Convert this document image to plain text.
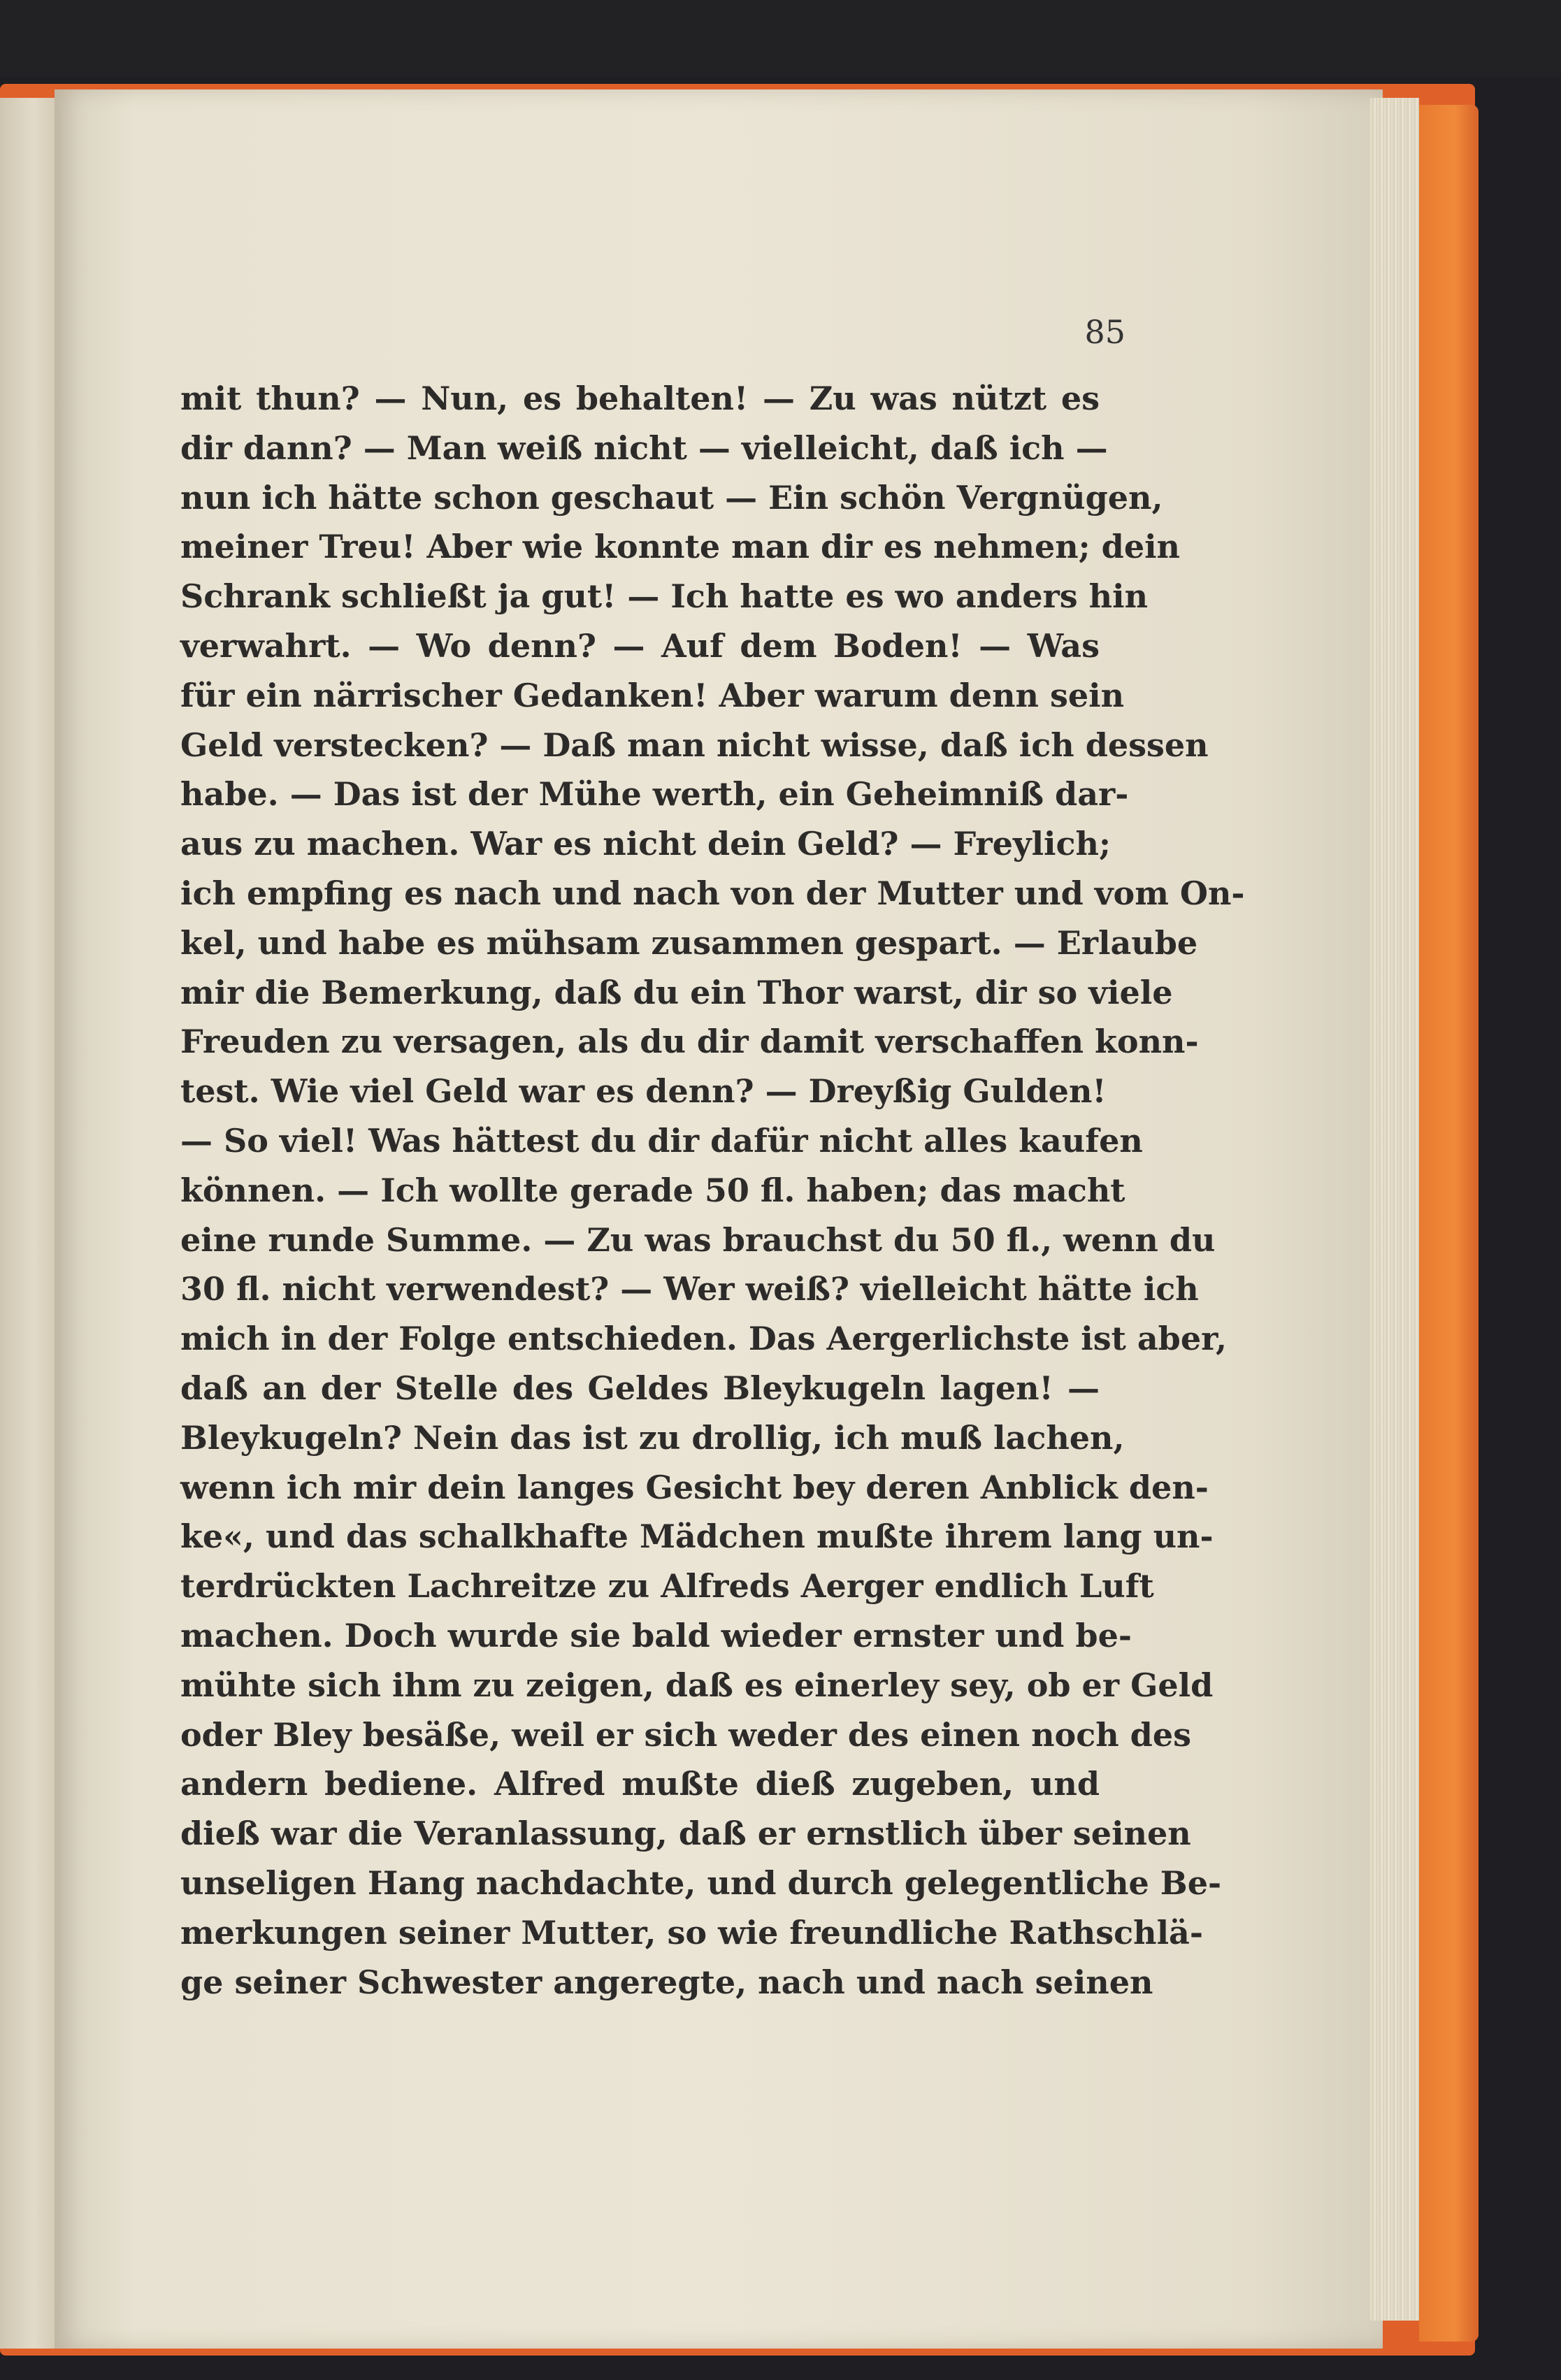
85
mit thun? — Nun, es behalten! — Zu was nützt es
dir dann? — Man weiß nicht — vielleicht, daß ich —
nun ich hätte schon geschaut — Ein schön Vergnügen,
meiner Treu! Aber wie konnte man dir es nehmen; dein
Schrank schließt ja gut! — Ich hatte es wo anders hin
verwahrt. — Wo denn? — Auf dem Boden! — Was
für ein närrischer Gedanken! Aber warum denn sein
Geld verstecken? — Daß man nicht wisse, daß ich dessen
habe. — Das ist der Mühe werth, ein Geheimniß dar-
aus zu machen. War es nicht dein Geld? — Freylich;
ich empfing es nach und nach von der Mutter und vom On-
kel, und habe es mühsam zusammen gespart. — Erlaube
mir die Bemerkung, daß du ein Thor warst, dir so viele
Freuden zu versagen, als du dir damit verschaffen konn-
test. Wie viel Geld war es denn? — Dreyßig Gulden!
— So viel! Was hättest du dir dafür nicht alles kaufen
können. — Ich wollte gerade 50 fl. haben; das macht
eine runde Summe. — Zu was brauchst du 50 fl., wenn du
30 fl. nicht verwendest? — Wer weiß? vielleicht hätte ich
mich in der Folge entschieden. Das Aergerlichste ist aber,
daß an der Stelle des Geldes Bleykugeln lagen! —
Bleykugeln? Nein das ist zu drollig, ich muß lachen,
wenn ich mir dein langes Gesicht bey deren Anblick den-
ke«, und das schalkhafte Mädchen mußte ihrem lang un-
terdrückten Lachreitze zu Alfreds Aerger endlich Luft
machen. Doch wurde sie bald wieder ernster und be-
mühte sich ihm zu zeigen, daß es einerley sey, ob er Geld
oder Bley besäße, weil er sich weder des einen noch des
andern bediene. Alfred mußte dieß zugeben, und
dieß war die Veranlassung, daß er ernstlich über seinen
unseligen Hang nachdachte, und durch gelegentliche Be-
merkungen seiner Mutter, so wie freundliche Rathschlä-
ge seiner Schwester angeregte, nach und nach seinen
